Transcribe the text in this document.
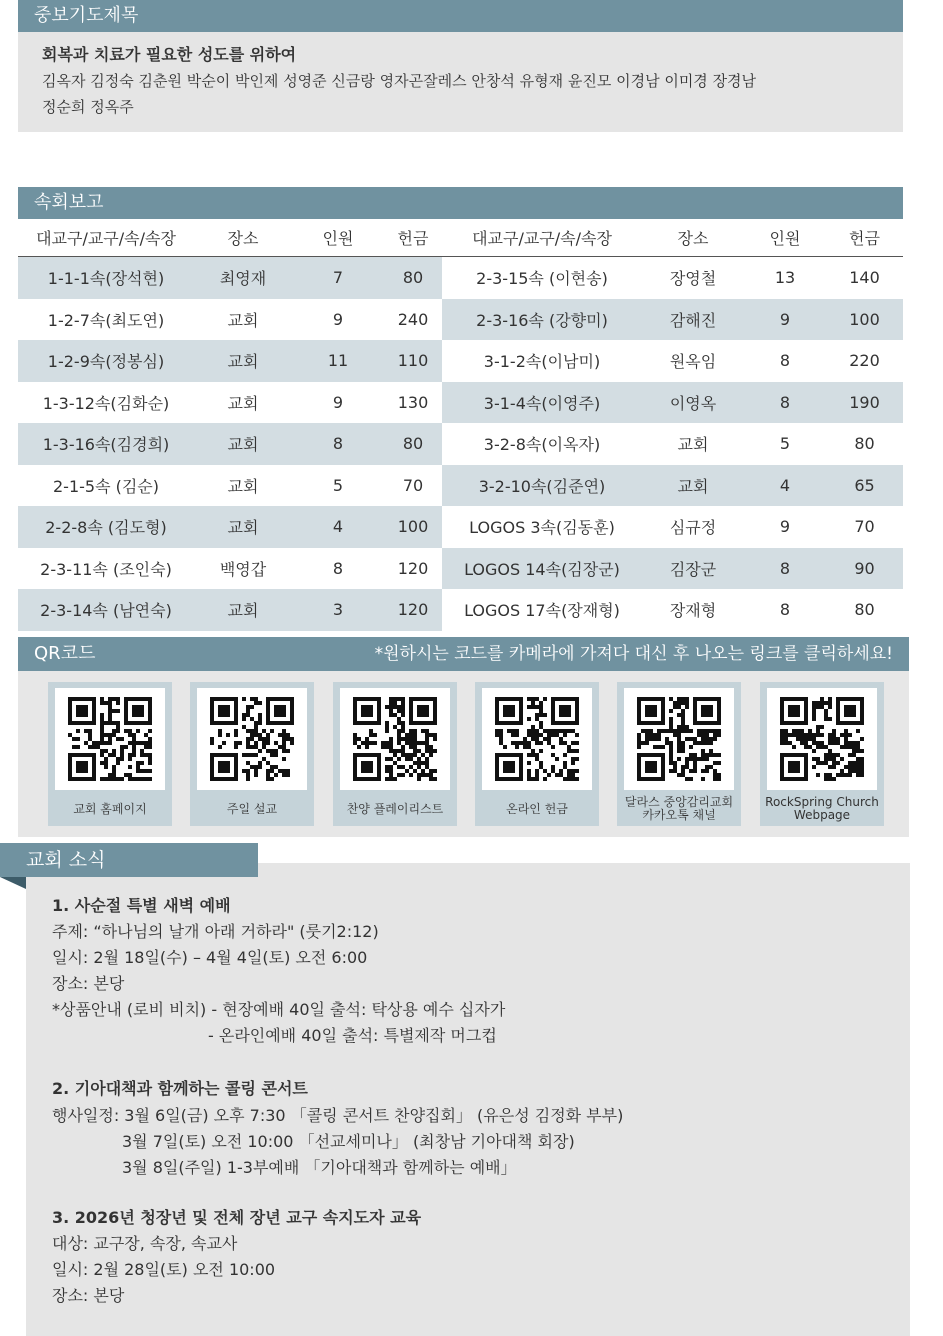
중보기도제목
회복과 치료가 필요한 성도를 위하여
김옥자 김정숙 김춘원 박순이 박인제 성영준 신금랑 영자곤잘레스 안창석 유형재 윤진모 이경남 이미경 장경남
정순희 정옥주
속회보고
대교구/교구/속/속장	장소	인원	헌금	대교구/교구/속/속장	장소	인원	헌금
1-1-1속(장석현)	최영재	7	80	2-3-15속 (이현송)	장영철	13	140
1-2-7속(최도연)	교회	9	240	2-3-16속 (강향미)	감해진	9	100
1-2-9속(정봉심)	교회	11	110	3-1-2속(이남미)	원옥임	8	220
1-3-12속(김화순)	교회	9	130	3-1-4속(이영주)	이영옥	8	190
1-3-16속(김경희)	교회	8	80	3-2-8속(이옥자)	교회	5	80
2-1-5속 (김순)	교회	5	70	3-2-10속(김준연)	교회	4	65
2-2-8속 (김도형)	교회	4	100	LOGOS 3속(김동훈)	심규정	9	70
2-3-11속 (조인숙)	백영갑	8	120	LOGOS 14속(김장군)	김장군	8	90
2-3-14속 (남연숙)	교회	3	120	LOGOS 17속(장재형)	장재형	8	80
QR코드	*원하시는 코드를 카메라에 가져다 대신 후 나오는 링크를 클릭하세요!
교회 홈페이지	주일 설교	찬양 플레이리스트	온라인 헌금	달라스 중앙감리교회
카카오톡 채널
RockSpring Church
Webpage
교회 소식
1. 사순절 특별 새벽 예배
주제: “하나님의 날개 아래 거하라" (룻기2:12)
일시: 2월 18일(수) – 4월 4일(토) 오전 6:00
장소: 본당
*상품안내 (로비 비치) - 현장예배 40일 출석: 탁상용 예수 십자가
- 온라인예배 40일 출석: 특별제작 머그컵
2. 기아대책과 함께하는 콜링 콘서트
행사일정: 3월 6일(금) 오후 7:30 「콜링 콘서트 찬양집회」 (유은성 김정화 부부)
3월 7일(토) 오전 10:00 「선교세미나」 (최창남 기아대책 회장)
3월 8일(주일) 1-3부예배 「기아대책과 함께하는 예배」
3. 2026년 청장년 및 전체 장년 교구 속지도자 교육
대상: 교구장, 속장, 속교사
일시: 2월 28일(토) 오전 10:00
장소: 본당
